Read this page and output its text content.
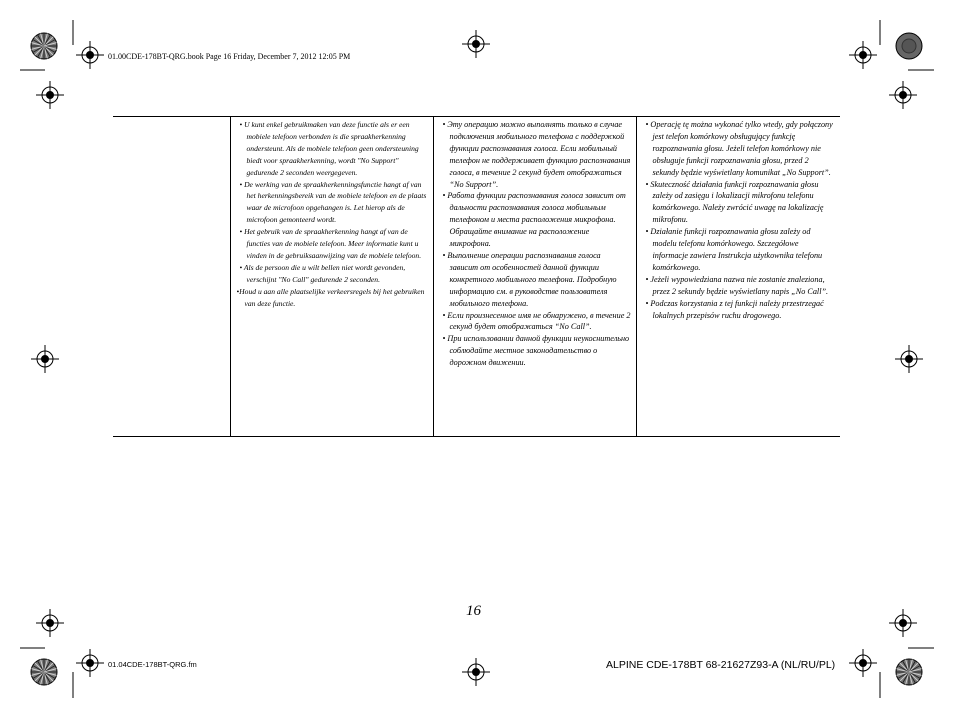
01.00CDE-178BT-QRG.book Page 16 Friday, December 7, 2012 12:05 PM

• U kunt enkel gebruikmaken van deze functie als er een mobiele telefoon verbonden is die spraakherkenning ondersteunt. Als de mobiele telefoon geen ondersteuning biedt voor spraakherkenning, wordt "No Support" gedurende 2 seconden weergegeven.

• De werking van de spraakherkenningsfunctie hangt af van het herkenningsbereik van de mobiele telefoon en de plaats waar de microfoon opgehangen is. Let hierop als de microfoon gemonteerd wordt.

• Het gebruik van de spraakherkenning hangt af van de functies van de mobiele telefoon. Meer informatie kunt u vinden in de gebruiksaanwijzing van de mobiele telefoon.

• Als de persoon die u wilt bellen niet wordt gevonden, verschijnt "No Call" gedurende 2 seconden.

•Houd u aan alle plaatselijke verkeersregels bij het gebruiken van deze functie.

• Эту операцию можно выполнять только в случае подключения мобильного телефона с поддержкой функции распознавания голоса. Если мобильный телефон не поддерживает функцию распознавания голоса, в течение 2 секунд будет отображаться “No Support”.

• Работа функции распознавания голоса зависит от дальности распознавания голоса мобильным телефоном и места расположения микрофона. Обращайте внимание на расположение микрофона.

• Выполнение операции распознавания голоса зависит от особенностей данной функции конкретного мобильного телефона. Подробную информацию см. в руководстве пользователя мобильного телефона.

• Если произнесенное имя не обнаружено, в течение 2 секунд будет отображаться “No Call”.

• При использовании данной функции неукоснительно соблюдайте местное законодательство о дорожном движении.

• Operację tę można wykonać tylko wtedy, gdy połączony jest telefon komórkowy obsługujący funkcję rozpoznawania głosu. Jeżeli telefon komórkowy nie obsługuje funkcji rozpoznawania głosu, przed 2 sekundy będzie wyświetlany komunikat „No Support”.

• Skuteczność działania funkcji rozpoznawania głosu zależy od zasięgu i lokalizacji mikrofonu telefonu komórkowego. Należy zwrócić uwagę na lokalizację mikrofonu.

• Działanie funkcji rozpoznawania głosu zależy od modelu telefonu komórkowego. Szczegółowe informacje zawiera Instrukcja użytkownika telefonu komórkowego.

• Jeżeli wypowiedziana nazwa nie zostanie znaleziona, przez 2 sekundy będzie wyświetlany napis „No Call”.

• Podczas korzystania z tej funkcji należy przestrzegać lokalnych przepisów ruchu drogowego.

16
01.04CDE-178BT-QRG.fm	ALPINE CDE-178BT 68-21627Z93-A (NL/RU/PL)
